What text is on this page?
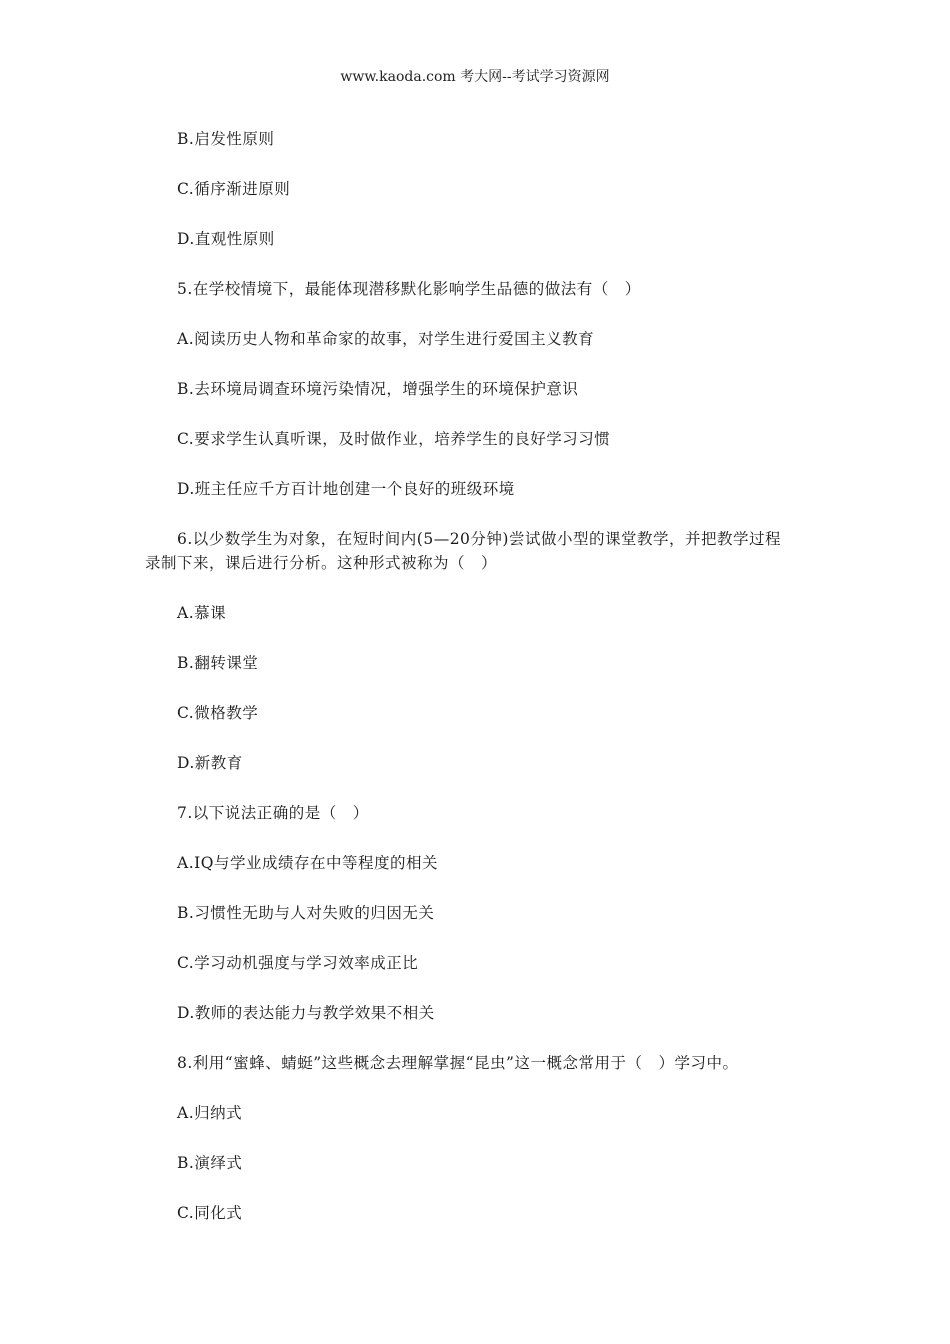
www.kaoda.com 考大网--考试学习资源网
B.启发性原则
C.循序渐进原则
D.直观性原则
5.在学校情境下，最能体现潜移默化影响学生品德的做法有（　）
A.阅读历史人物和革命家的故事，对学生进行爱国主义教育
B.去环境局调查环境污染情况，增强学生的环境保护意识
C.要求学生认真听课，及时做作业，培养学生的良好学习习惯
D.班主任应千方百计地创建一个良好的班级环境
6.以少数学生为对象，在短时间内(5—20分钟)尝试做小型的课堂教学，并把教学过程
录制下来，课后进行分析。这种形式被称为（　）
A.慕课
B.翻转课堂
C.微格教学
D.新教育
7.以下说法正确的是（　）
A.IQ与学业成绩存在中等程度的相关
B.习惯性无助与人对失败的归因无关
C.学习动机强度与学习效率成正比
D.教师的表达能力与教学效果不相关
8.利用“蜜蜂、蜻蜓”这些概念去理解掌握“昆虫”这一概念常用于（　）学习中。
A.归纳式
B.演绎式
C.同化式
